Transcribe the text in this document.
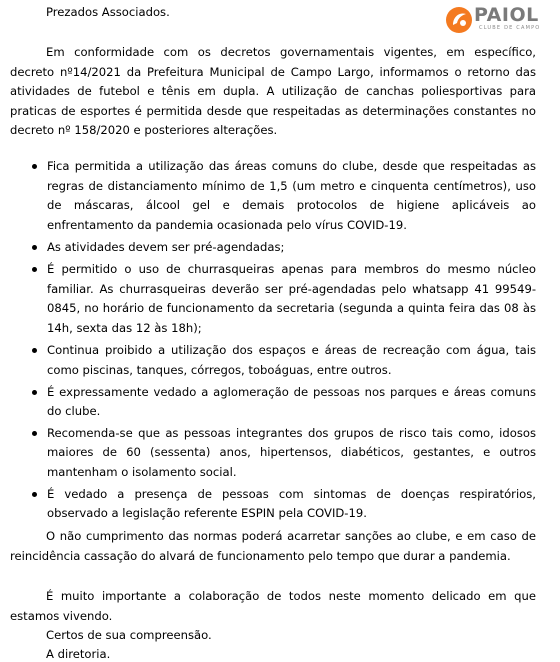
PAIOL
CLUBE DE CAMPO
Prezados Associados.
Em conformidade com os decretos governamentais vigentes, em específico, decreto nº14/2021 da Prefeitura Municipal de Campo Largo, informamos o retorno das atividades de futebol e tênis em dupla. A utilização de canchas poliesportivas para praticas de esportes é permitida desde que respeitadas as determinações constantes no decreto nº 158/2020 e posteriores alterações.
Fica permitida a utilização das áreas comuns do clube, desde que respeitadas as regras de distanciamento mínimo de 1,5 (um metro e cinquenta centímetros), uso de máscaras, álcool gel e demais protocolos de higiene aplicáveis ao enfrentamento da pandemia ocasionada pelo vírus COVID-19.
As atividades devem ser pré-agendadas;
É permitido o uso de churrasqueiras apenas para membros do mesmo núcleo familiar. As churrasqueiras deverão ser pré-agendadas pelo whatsapp 41 99549-0845, no horário de funcionamento da secretaria (segunda a quinta feira das 08 às 14h, sexta das 12 às 18h);
Continua proibido a utilização dos espaços e áreas de recreação com água, tais como piscinas, tanques, córregos, toboáguas, entre outros.
É expressamente vedado a aglomeração de pessoas nos parques e áreas comuns do clube.
Recomenda-se que as pessoas integrantes dos grupos de risco tais como, idosos maiores de 60 (sessenta) anos, hipertensos, diabéticos, gestantes, e outros mantenham o isolamento social.
É vedado a presença de pessoas com sintomas de doenças respiratórios, observado a legislação referente ESPIN pela COVID-19.
O não cumprimento das normas poderá acarretar sanções ao clube, e em caso de reincidência cassação do alvará de funcionamento pelo tempo que durar a pandemia.
É muito importante a colaboração de todos neste momento delicado em que estamos vivendo.
Certos de sua compreensão.
A diretoria.
